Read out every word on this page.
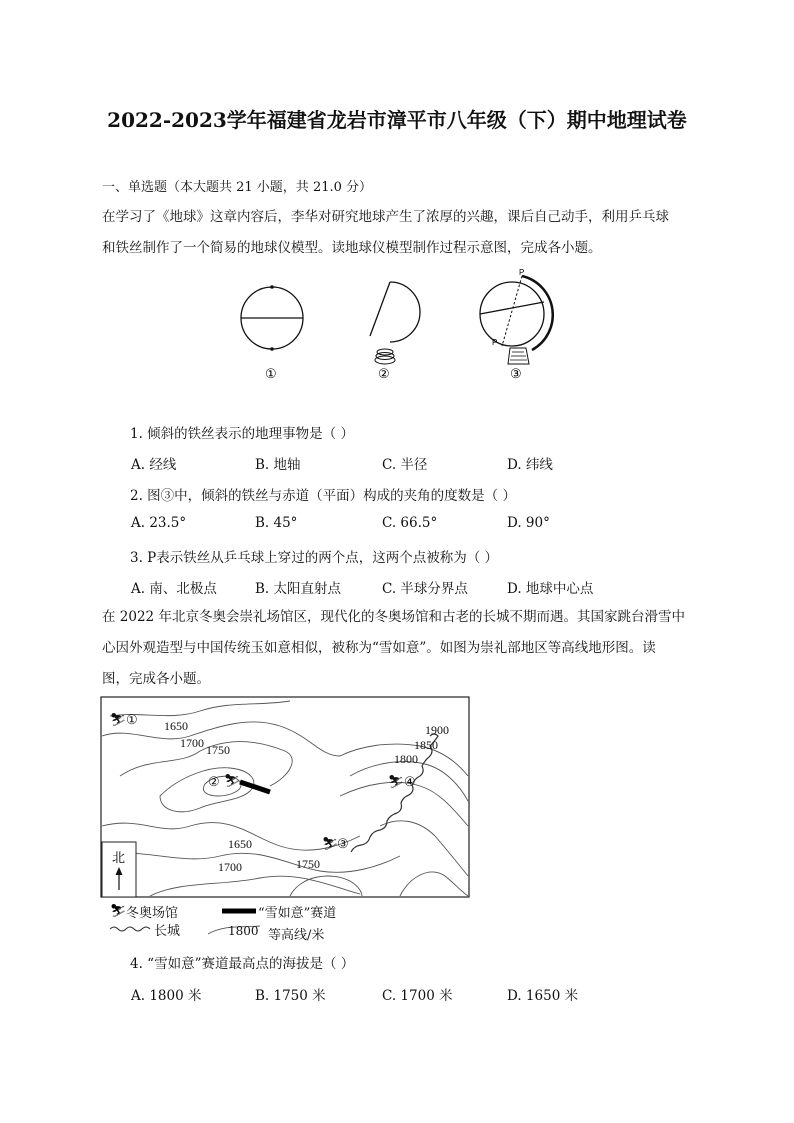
2022-2023学年福建省龙岩市漳平市八年级（下）期中地理试卷
一、单选题（本大题共 21 小题，共 21.0 分）
在学习了《地球》这章内容后，李华对研究地球产生了浓厚的兴趣，课后自己动手，利用乒乓球
和铁丝制作了一个简易的地球仪模型。读地球仪模型制作过程示意图，完成各小题。
P
P
①	②	③
1. 倾斜的铁丝表示的地理事物是（ ）
A. 经线	B. 地轴	C. 半径	D. 纬线
2. 图③中，倾斜的铁丝与赤道（平面）构成的夹角的度数是（ ）
A. 23.5°	B. 45°	C. 66.5°	D. 90°
3. P表示铁丝从乒乓球上穿过的两个点，这两个点被称为（ ）
A. 南、北极点	B. 太阳直射点	C. 半球分界点	D. 地球中心点
在 2022 年北京冬奥会崇礼场馆区，现代化的冬奥场馆和古老的长城不期而遇。其国家跳台滑雪中
心因外观造型与中国传统玉如意相似，被称为“雪如意”。如图为崇礼部地区等高线地形图。读
图，完成各小题。
1650
1700 1750
1900
1850
1800
1650
1700	1750
⛷ ①
② ⛷
⛷
③
⛷ ④
北
⛷ 冬奥场馆	“雪如意”赛道
长城	1800 等高线/米
4. “雪如意”赛道最高点的海拔是（ ）
A. 1800 米	B. 1750 米	C. 1700 米	D. 1650 米
